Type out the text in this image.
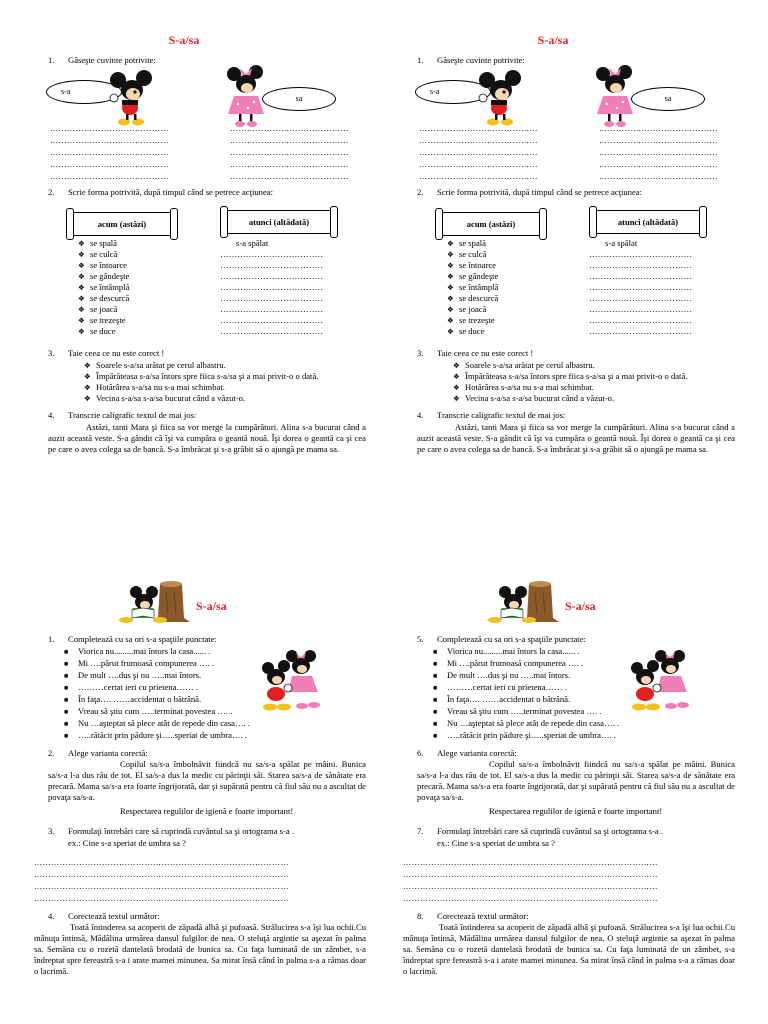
S-a/sa
1. Găseşte cuvinte potrivite:
s-a
sa
……………………………………
……………………………………
……………………………………
……………………………………
……………………………………
……………………………………
……………………………………
……………………………………
……………………………………
……………………………………
2. Scrie forma potrivită, după timpul când se petrece acţiunea:
acum (astăzi)	atunci (altădată)
❖ se spală
❖ se culcă
❖ se întoarce
❖ se gândeşte
❖ se întâmplă
❖ se descurcă
❖ se joacă
❖ se trezeşte
❖ se duce
s-a spălat
………………………………
………………………………
………………………………
………………………………
………………………………
………………………………
………………………………
………………………………
3. Taie ceea ce nu este corect !
❖ Soarele s-a/sa arătat pe cerul albastru.
❖ Împărăteasa s-a/sa întors spre fiica s-a/sa şi a mai privit-o o dată.
❖ Hotărârea s-a/sa nu s-a mai schimbat.
❖ Vecina s-a/sa s-a/sa bucurat când a văzut-o.
4. Transcrie caligrafic textul de mai jos:
Astăzi, tanti Mara şi fiica sa vor merge la cumpărături. Alina s-a bucurat când a auzit această veste. S-a gândit că îşi va cumpăra o geantă nouă. Îşi dorea o geantă ca şi cea pe care o avea colega sa de bancă. S-a îmbrăcat şi s-a grăbit să o ajungă pe mama sa.
S-a/sa
1. Completează cu sa ori s-a spaţiile punctate:
■ Viorica nu.........mai întors la casa...... .
■ Mi ….părut frumoasă compunerea …. .
■ De mult ….dus şi nu …..mai întors.
■ ………certat ieri cu prietena…… .
■ În faţa…. ……accidentat o bătrână.
■ Vreau să ştiu cum …..terminat povestea …. .
■ Nu …aşteptat să plece atât de repede din casa…. .
■ …..rătăcit prin pădure şi…..speriat de umbra…. .
2. Alege varianta corectă:
Copilul sa/s-a îmbolnăvit fiindcă nu sa/s-a spălat pe mâini. Bunica sa/s-a l-a dus rău de tot. El sa/s-a dus la medic cu părinţii săi. Starea sa/s-a de sănătate era precară. Mama sa/s-a era foarte îngrijorată, dar şi supărată pentru că fiul său nu a ascultat de povaţa sa/s-a.
Respectarea regulilor de igienă e foarte important!
3. Formulaţi întrebări care să cuprindă cuvântul sa şi ortograma s-a .
ex.: Cine s-a speriat de umbra sa ?
………………………………………………………………………………
………………………………………………………………………………
………………………………………………………………………………
………………………………………………………………………………
4. Corectează textul următor:
Toată întinderea sa acoperit de zăpadă albă şi pufoasă. Strălucirea s-a îşi lua ochii.Cu mânuţa întinsă, Mădălina urmărea dansul fulgilor de nea. O steluţă argintie sa aşezat în palma sa. Semăna cu o rozetă dantelată brodată de bunica sa. Cu faţa luminată de un zâmbet, s-a îndreptat spre fereastră s-a i arate mamei minunea. Sa mirat însă când în palma s-a a rămas doar o lacrimă.
S-a/sa
1. Găseşte cuvinte potrivite:
s-a
sa
……………………………………
……………………………………
……………………………………
……………………………………
……………………………………
……………………………………
……………………………………
……………………………………
……………………………………
……………………………………
2. Scrie forma potrivită, după timpul când se petrece acţiunea:
acum (astăzi)	atunci (altădată)
❖ se spală
❖ se culcă
❖ se întoarce
❖ se gândeşte
❖ se întâmplă
❖ se descurcă
❖ se joacă
❖ se trezeşte
❖ se duce
s-a spălat
………………………………
………………………………
………………………………
………………………………
………………………………
………………………………
………………………………
………………………………
3. Taie ceea ce nu este corect !
❖ Soarele s-a/sa arătat pe cerul albastru.
❖ Împărăteasa s-a/sa întors spre fiica s-a/sa şi a mai privit-o o dată.
❖ Hotărârea s-a/sa nu s-a mai schimbat.
❖ Vecina s-a/sa s-a/sa bucurat când a văzut-o.
4. Transcrie caligrafic textul de mai jos:
Astăzi, tanti Mara şi fiica sa vor merge la cumpărături. Alina s-a bucurat când a auzit această veste. S-a gândit că îşi va cumpăra o geantă nouă. Îşi dorea o geantă ca şi cea pe care o avea colega sa de bancă. S-a îmbrăcat şi s-a grăbit să o ajungă pe mama sa.
S-a/sa
5. Completează cu sa ori s-a spaţiile punctate:
■ Viorica nu.........mai întors la casa...... .
■ Mi ….părut frumoasă compunerea …. .
■ De mult ….dus şi nu …..mai întors.
■ ………certat ieri cu prietena…… .
■ În faţa…. ……accidentat o bătrână.
■ Vreau să ştiu cum …..terminat povestea …. .
■ Nu …aşteptat să plece atât de repede din casa…. .
■ …..rătăcit prin pădure şi…..speriat de umbra…. .
6. Alege varianta corectă:
Copilul sa/s-a îmbolnăvit fiindcă nu sa/s-a spălat pe mâini. Bunica sa/s-a l-a dus rău de tot. El sa/s-a dus la medic cu părinţii săi. Starea sa/s-a de sănătate era precară. Mama sa/s-a era foarte îngrijorată, dar şi supărată pentru că fiul său nu a ascultat de povaţa sa/s-a.
Respectarea regulilor de igienă e foarte important!
7. Formulaţi întrebări care să cuprindă cuvântul sa şi ortograma s-a .
ex.: Cine s-a speriat de umbra sa ?
………………………………………………………………………………
………………………………………………………………………………
………………………………………………………………………………
………………………………………………………………………………
8. Corectează textul următor:
Toată întinderea sa acoperit de zăpadă albă şi pufoasă. Strălucirea s-a îşi lua ochii.Cu mânuţa întinsă, Mădălina urmărea dansul fulgilor de nea. O steluţă argintie sa aşezat în palma sa. Semăna cu o rozetă dantelată brodată de bunica sa. Cu faţa luminată de un zâmbet, s-a îndreptat spre fereastră s-a i arate mamei minunea. Sa mirat însă când în palma s-a a rămas doar o lacrimă.
